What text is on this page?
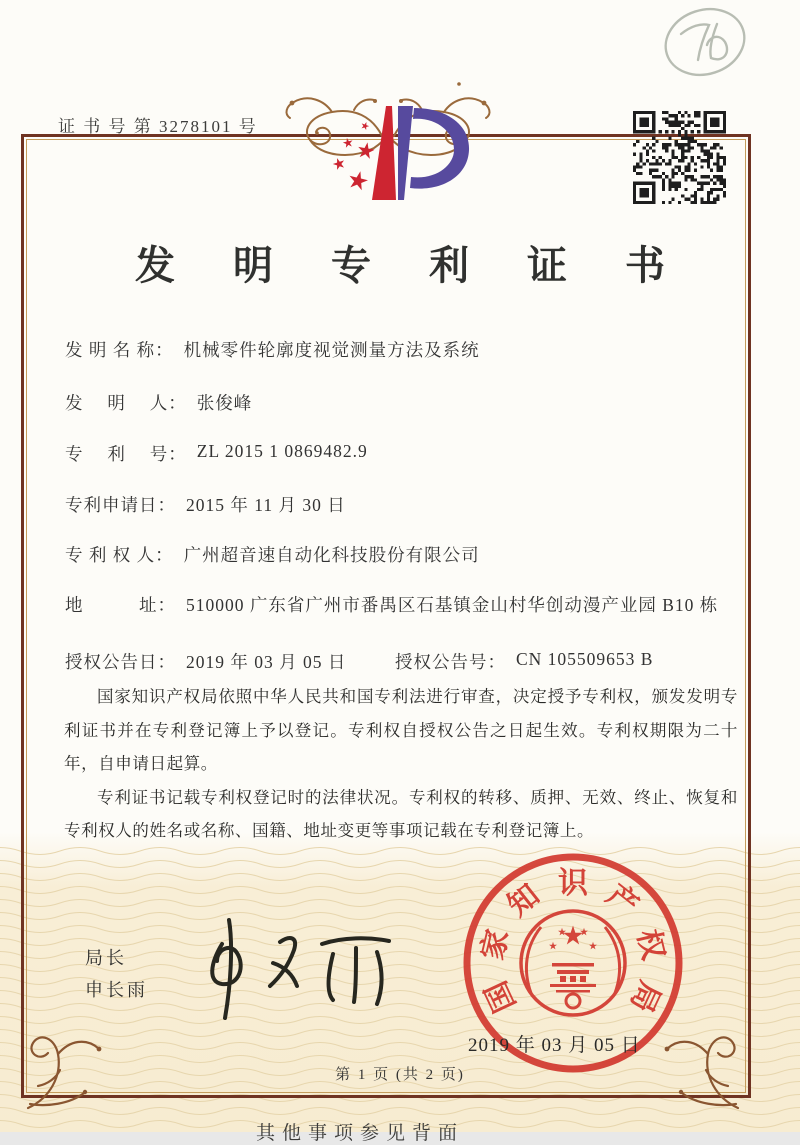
证 书 号 第 3278101 号
发 明 专 利 证 书
发 明 名 称： 机械零件轮廓度视觉测量方法及系统
发　 明　 人： 张俊峰
专　 利　 号： ZL 2015 1 0869482.9
专利申请日： 2015 年 11 月 30 日
专 利 权 人： 广州超音速自动化科技股份有限公司
地　　　址： 510000 广东省广州市番禺区石基镇金山村华创动漫产业园 B10 栋
授权公告日： 2019 年 03 月 05 日	授权公告号： CN 105509653 B

国家知识产权局依照中华人民共和国专利法进行审查，决定授予专利权，颁发发明专利证书并在专利登记簿上予以登记。专利权自授权公告之日起生效。专利权期限为二十年，自申请日起算。

专利证书记载专利权登记时的法律状况。专利权的转移、质押、无效、终止、恢复和专利权人的姓名或名称、国籍、地址变更等事项记载在专利登记簿上。

局长
申长雨	国
家
知 识 产
权
局
2019 年 03 月 05 日
第 1 页 (共 2 页)
其他事项参见背面
